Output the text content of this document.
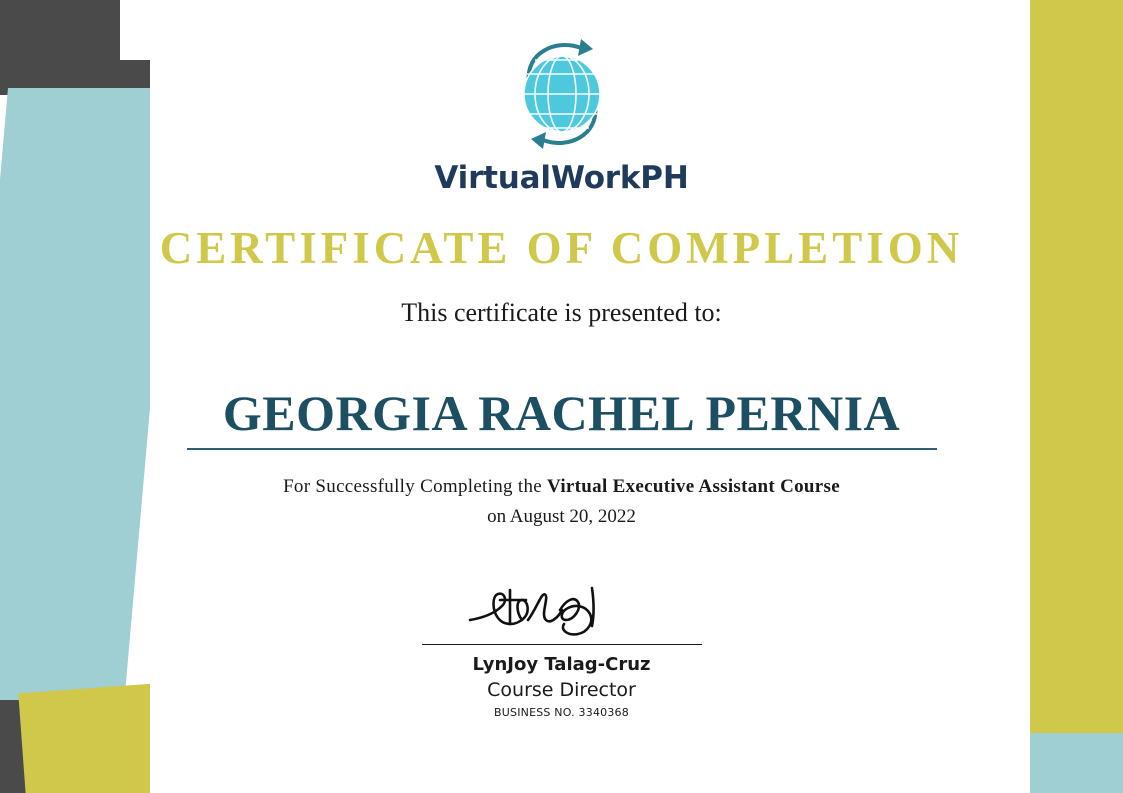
VirtualWorkPH
CERTIFICATE OF COMPLETION
This certificate is presented to:
GEORGIA RACHEL PERNIA
For Successfully Completing the Virtual Executive Assistant Course
on August 20, 2022
LynJoy Talag-Cruz
Course Director
BUSINESS NO. 3340368
